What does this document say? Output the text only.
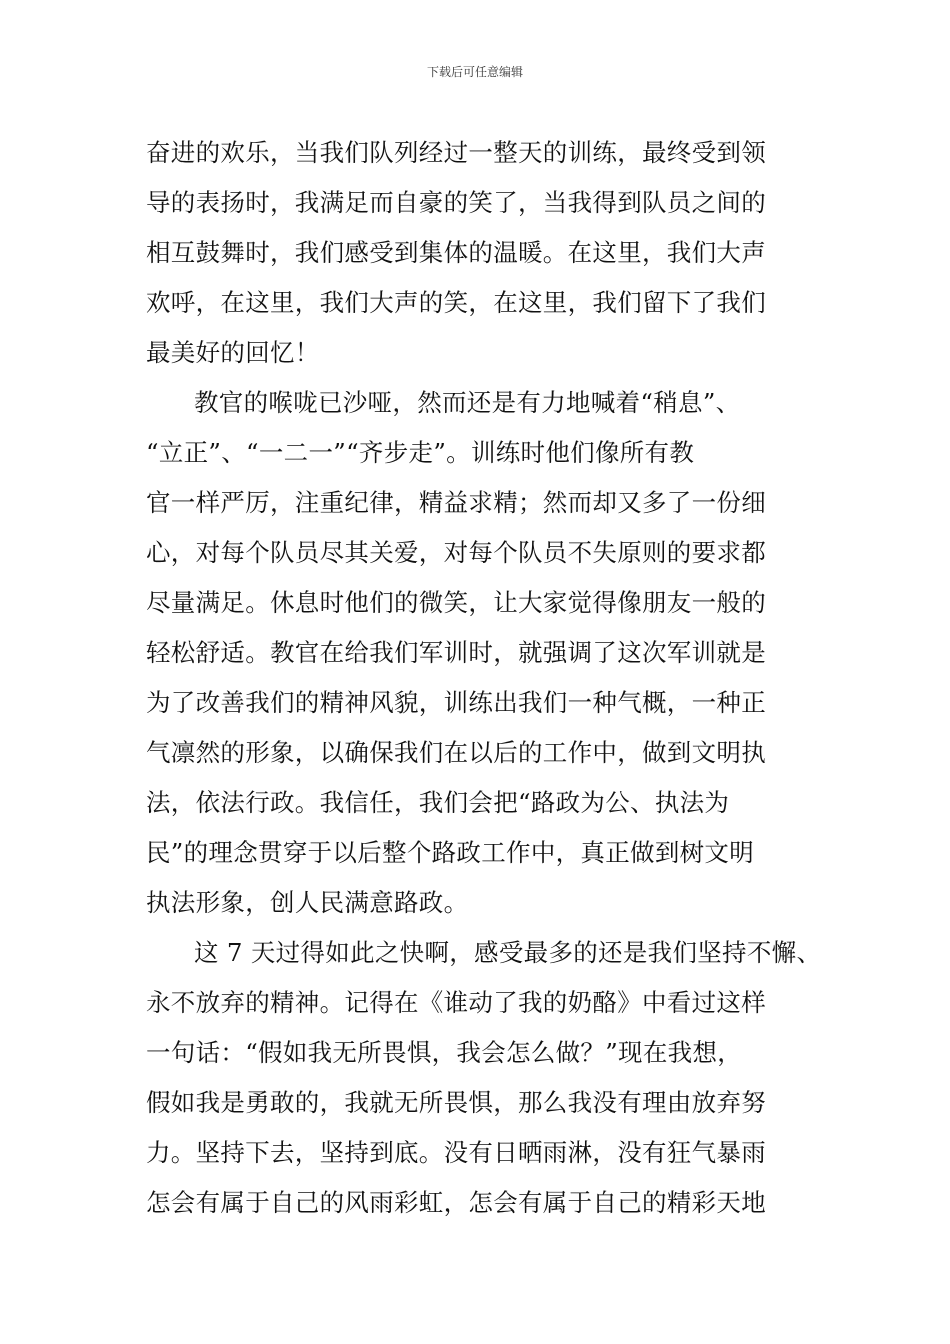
下载后可任意编辑
奋进的欢乐，当我们队列经过一整天的训练，最终受到领
导的表扬时，我满足而自豪的笑了，当我得到队员之间的
相互鼓舞时，我们感受到集体的温暖。在这里，我们大声
欢呼，在这里，我们大声的笑，在这里，我们留下了我们
最美好的回忆！
教官的喉咙已沙哑，然而还是有力地喊着“稍息”、
“立正”、“一二一”“齐步走”。训练时他们像所有教
官一样严厉，注重纪律，精益求精；然而却又多了一份细
心，对每个队员尽其关爱，对每个队员不失原则的要求都
尽量满足。休息时他们的微笑，让大家觉得像朋友一般的
轻松舒适。教官在给我们军训时，就强调了这次军训就是
为了改善我们的精神风貌，训练出我们一种气概，一种正
气凛然的形象，以确保我们在以后的工作中，做到文明执
法，依法行政。我信任，我们会把“路政为公、执法为
民”的理念贯穿于以后整个路政工作中，真正做到树文明
执法形象，创人民满意路政。
这 7 天过得如此之快啊，感受最多的还是我们坚持不懈、
永不放弃的精神。记得在《谁动了我的奶酪》中看过这样
一句话：“假如我无所畏惧，我会怎么做？”现在我想，
假如我是勇敢的，我就无所畏惧，那么我没有理由放弃努
力。坚持下去，坚持到底。没有日晒雨淋，没有狂气暴雨
怎会有属于自己的风雨彩虹，怎会有属于自己的精彩天地
